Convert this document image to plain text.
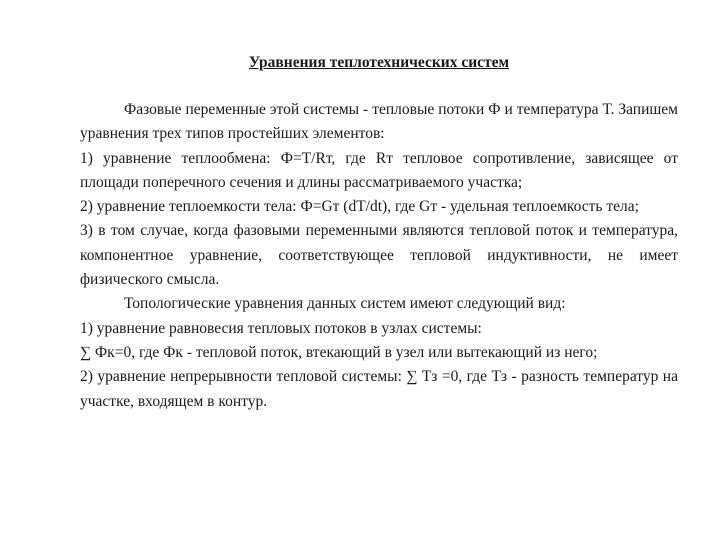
Уравнения теплотехнических систем

Фазовые переменные этой системы - тепловые потоки Ф и температура Т. Запишем уравнения трех типов простейших элементов:

1) уравнение теплообмена: Ф=Т/Rт, где Rт тепловое сопротивление, зависящее от площади поперечного сечения и длины рассматриваемого участка;

2) уравнение теплоемкости тела: Ф=Gт (dT/dt), где Gт - удельная теплоемкость тела;

3) в том случае, когда фазовыми переменными являются тепловой поток и температура, компонентное уравнение, соответствующее тепловой индуктивности, не имеет физического смысла.

Топологические уравнения данных систем имеют следующий вид:

1) уравнение равновесия тепловых потоков в узлах системы:

∑ Фк=0, где Фк - тепловой поток, втекающий в узел или вытекающий из него;

2) уравнение непрерывности тепловой системы: ∑ Тз =0, где Тз - разность температур на участке, входящем в контур.
